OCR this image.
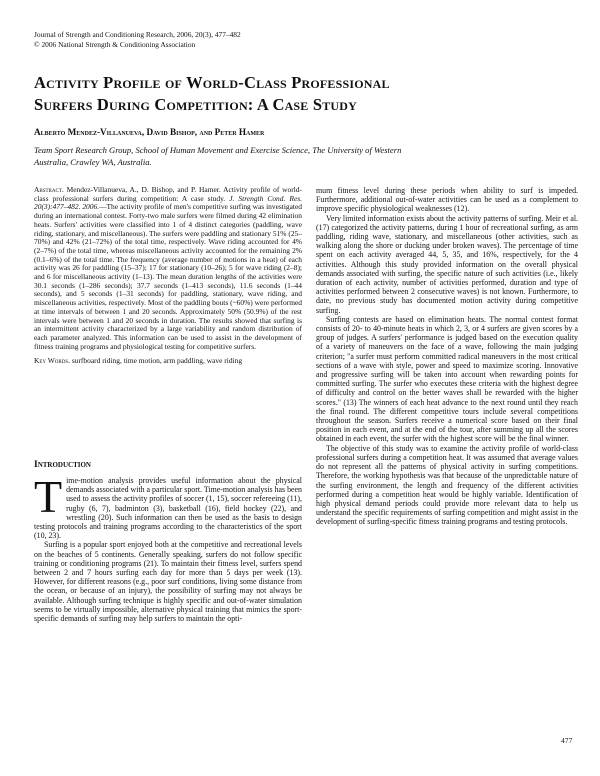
Journal of Strength and Conditioning Research, 2006, 20(3), 477–482
© 2006 National Strength & Conditioning Association
Activity Profile of World-Class Professional
Surfers During Competition: A Case Study
Alberto Mendez-Villanueva, David Bishop, and Peter Hamer
Team Sport Research Group, School of Human Movement and Exercise Science, The University of Western
Australia, Crawley WA, Australia.

Abstract. Mendez-Villanueva, A., D. Bishop, and P. Hamer. Activity profile of world-class professional surfers during competition: A case study. J. Strength Cond. Res. 20(3):477–482. 2006.—The activity profile of men's competitive surfing was investigated during an international contest. Forty-two male surfers were filmed during 42 elimination heats. Surfers' activities were classified into 1 of 4 distinct categories (paddling, wave riding, stationary, and miscellaneous). The surfers were paddling and stationary 51% (25–70%) and 42% (21–72%) of the total time, respectively. Wave riding accounted for 4% (2–7%) of the total time, whereas miscellaneous activity accounted for the remaining 2% (0.1–6%) of the total time. The frequency (average number of motions in a heat) of each activity was 26 for paddling (15–37); 17 for stationary (10–26); 5 for wave riding (2–8); and 6 for miscellaneous activity (1–13). The mean duration lengths of the activities were 30.1 seconds (1–286 seconds); 37.7 seconds (1–413 seconds), 11.6 seconds (1–44 seconds), and 5 seconds (1–31 seconds) for paddling, stationary, wave riding, and miscellaneous activities, respectively. Most of the paddling bouts (~60%) were performed at time intervals of between 1 and 20 seconds. Approximately 50% (50.9%) of the rest intervals were between 1 and 20 seconds in duration. The results showed that surfing is an intermittent activity characterized by a large variability and random distribution of each parameter analyzed. This information can be used to assist in the development of fitness training programs and physiological testing for competitive surfers.

Key Words. surfboard riding, time motion, arm paddling, wave riding

Introduction

Time-motion analysis provides useful information about the physical demands associated with a particular sport. Time-motion analysis has been used to assess the activity profiles of soccer (1, 15), soccer refereeing (11), rugby (6, 7), badminton (3), basketball (16), field hockey (22), and wrestling (20). Such information can then be used as the basis to design testing protocols and training programs according to the characteristics of the sport (10, 23).

Surfing is a popular sport enjoyed both at the competitive and recreational levels on the beaches of 5 continents. Generally speaking, surfers do not follow specific training or conditioning programs (21). To maintain their fitness level, surfers spend between 2 and 7 hours surfing each day for more than 5 days per week (13). However, for different reasons (e.g., poor surf conditions, living some distance from the ocean, or because of an injury), the possibility of surfing may not always be available. Although surfing technique is highly specific and out-of-water simulation seems to be virtually impossible, alternative physical training that mimics the sport-specific demands of surfing may help surfers to maintain the opti-

mum fitness level during these periods when ability to surf is impeded. Furthermore, additional out-of-water activities can be used as a complement to improve specific physiological weaknesses (12).

Very limited information exists about the activity patterns of surfing. Meir et al. (17) categorized the activity patterns, during 1 hour of recreational surfing, as arm paddling, riding wave, stationary, and miscellaneous (other activities, such as walking along the shore or ducking under broken waves). The percentage of time spent on each activity averaged 44, 5, 35, and 16%, respectively, for the 4 activities. Although this study provided information on the overall physical demands associated with surfing, the specific nature of such activities (i.e., likely duration of each activity, number of activities performed, duration and type of activities performed between 2 consecutive waves) is not known. Furthermore, to date, no previous study has documented motion activity during competitive surfing.

Surfing contests are based on elimination heats. The normal contest format consists of 20- to 40-minute heats in which 2, 3, or 4 surfers are given scores by a group of judges. A surfers' performance is judged based on the execution quality of a variety of maneuvers on the face of a wave, following the main judging criterion; "a surfer must perform committed radical maneuvers in the most critical sections of a wave with style, power and speed to maximize scoring. Innovative and progressive surfing will be taken into account when rewarding points for committed surfing. The surfer who executes these criteria with the highest degree of difficulty and control on the better waves shall be rewarded with the higher scores." (13) The winners of each heat advance to the next round until they reach the final round. The different competitive tours include several competitions throughout the season. Surfers receive a numerical score based on their final position in each event, and at the end of the tour, after summing up all the scores obtained in each event, the surfer with the highest score will be the final winner.

The objective of this study was to examine the activity profile of world-class professional surfers during a competition heat. It was assumed that average values do not represent all the patterns of physical activity in surfing competitions. Therefore, the working hypothesis was that because of the unpredictable nature of the surfing environment, the length and frequency of the different activities performed during a competition heat would be highly variable. Identification of high physical demand periods could provide more relevant data to help us understand the specific requirements of surfing competition and might assist in the development of surfing-specific fitness training programs and testing protocols.

477
